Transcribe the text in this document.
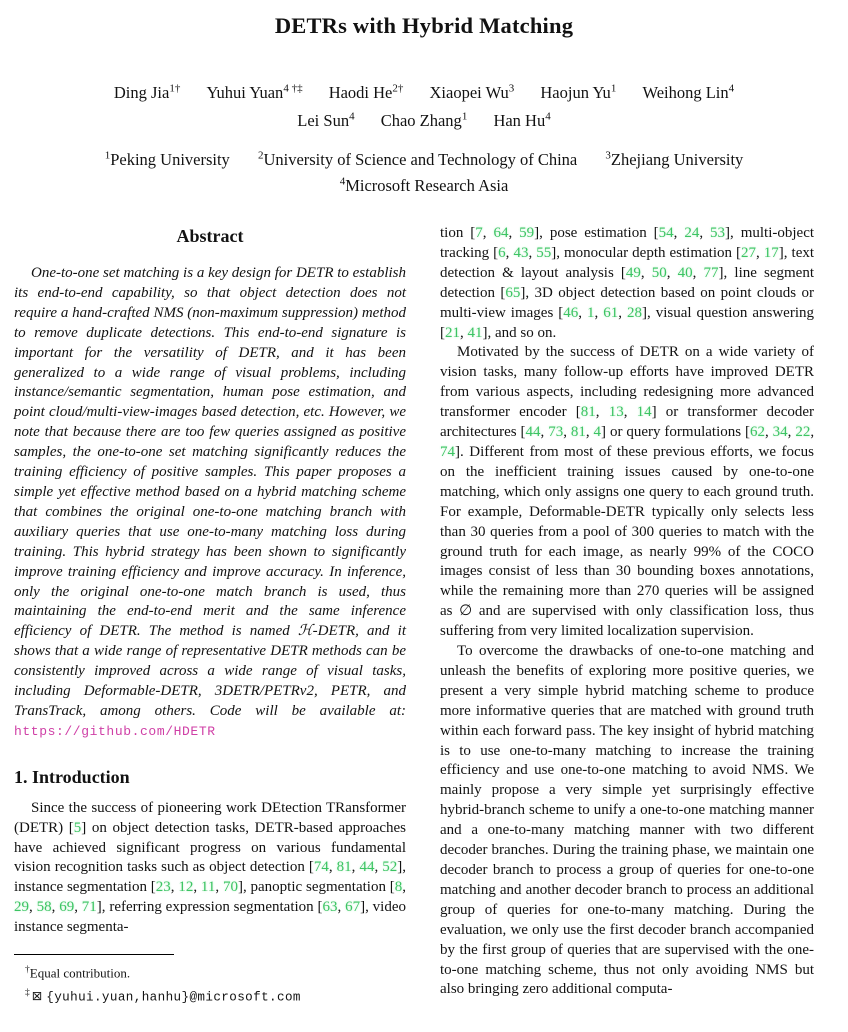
DETRs with Hybrid Matching
Ding Jia$^{1\dagger}$ Yuhui Yuan$^{4 \dagger\ddagger}$ Haodi $He^{2\dagger}$ Xiaopei Wu$^3$ Haojun Yu$^1$ Weihong Lin$^4$
Lei Sun$^4$ Chao Zhang$^1$ Han Hu$^4$
$^1$Peking University	$^2$University of Science and Technology of China	$^3$Zhejiang University
$^4$Microsoft Research Asia
Abstract

One-to-one set matching is a key design for DETR to establish its end-to-end capability, so that object detection does not require a hand-crafted NMS (non-maximum suppression) method to remove duplicate detections. This end-to-end signature is important for the versatility of DETR, and it has been generalized to a wide range of visual problems, including instance/semantic segmentation, human pose estimation, and point cloud/multi-view-images based detection, etc. However, we note that because there are too few queries assigned as positive samples, the one-to-one set matching significantly reduces the training efficiency of positive samples. This paper proposes a simple yet effective method based on a hybrid matching scheme that combines the original one-to-one matching branch with auxiliary queries that use one-to-many matching loss during training. This hybrid strategy has been shown to significantly improve training efficiency and improve accuracy. In inference, only the original one-to-one match branch is used, thus maintaining the end-to-end merit and the same inference efficiency of DETR. The method is named ℋ-DETR, and it shows that a wide range of representative DETR methods can be consistently improved across a wide range of visual tasks, including Deformable-DETR, 3DETR/PETRv2, PETR, and TransTrack, among others. Code will be available at: https://github.com/HDETR

1. Introduction

Since the success of pioneering work DEtection TRansformer (DETR) [5] on object detection tasks, DETR-based approaches have achieved significant progress on various fundamental vision recognition tasks such as object detection [74, 81, 44, 52], instance segmentation [23, 12, 11, 70], panoptic segmentation [8, 29, 58, 69, 71], referring expression segmentation [63, 67], video instance segmenta-

†Equal contribution.
‡ ⊠ {yuhui.yuan,hanhu}@microsoft.com

tion [7, 64, 59], pose estimation [54, 24, 53], multi-object tracking [6, 43, 55], monocular depth estimation [27, 17], text detection & layout analysis [49, 50, 40, 77], line segment detection [65], 3D object detection based on point clouds or multi-view images [46, 1, 61, 28], visual question answering [21, 41], and so on.

Motivated by the success of DETR on a wide variety of vision tasks, many follow-up efforts have improved DETR from various aspects, including redesigning more advanced transformer encoder [81, 13, 14] or transformer decoder architectures [44, 73, 81, 4] or query formulations [62, 34, 22, 74]. Different from most of these previous efforts, we focus on the inefficient training issues caused by one-to-one matching, which only assigns one query to each ground truth. For example, Deformable-DETR typically only selects less than 30 queries from a pool of 300 queries to match with the ground truth for each image, as nearly 99% of the COCO images consist of less than 30 bounding boxes annotations, while the remaining more than 270 queries will be assigned as ∅ and are supervised with only classification loss, thus suffering from very limited localization supervision.

To overcome the drawbacks of one-to-one matching and unleash the benefits of exploring more positive queries, we present a very simple hybrid matching scheme to produce more informative queries that are matched with ground truth within each forward pass. The key insight of hybrid matching is to use one-to-many matching to increase the training efficiency and use one-to-one matching to avoid NMS. We mainly propose a very simple yet surprisingly effective hybrid-branch scheme to unify a one-to-one matching manner and a one-to-many matching manner with two different decoder branches. During the training phase, we maintain one decoder branch to process a group of queries for one-to-one matching and another decoder branch to process an additional group of queries for one-to-many matching. During the evaluation, we only use the first decoder branch accompanied by the first group of queries that are supervised with the one-to-one matching scheme, thus not only avoiding NMS but also bringing zero additional computa-
